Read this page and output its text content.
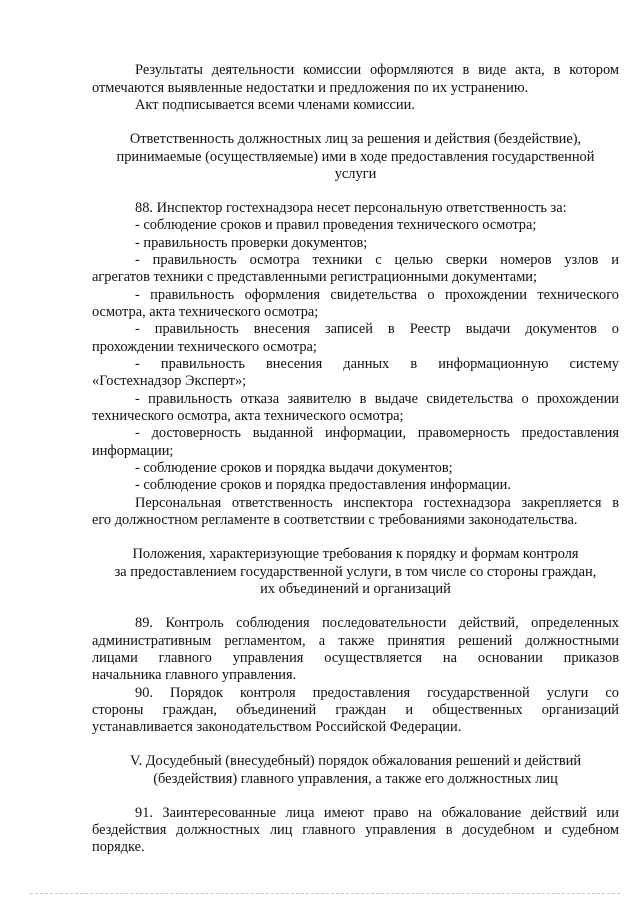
Результаты деятельности комиссии оформляются в виде акта, в котором
отмечаются выявленные недостатки и предложения по их устранению.
Акт подписывается всеми членами комиссии.
Ответственность должностных лиц за решения и действия (бездействие),
принимаемые (осуществляемые) ими в ходе предоставления государственной
услуги
88. Инспектор гостехнадзора несет персональную ответственность за:
- соблюдение сроков и правил проведения технического осмотра;
- правильность проверки документов;
- правильность осмотра техники с целью сверки номеров узлов и
агрегатов техники с представленными регистрационными документами;
- правильность оформления свидетельства о прохождении технического
осмотра, акта технического осмотра;
- правильность внесения записей в Реестр выдачи документов о
прохождении технического осмотра;
- правильность внесения данных в информационную систему
«Гостехнадзор Эксперт»;
- правильность отказа заявителю в выдаче свидетельства о прохождении
технического осмотра, акта технического осмотра;
- достоверность выданной информации, правомерность предоставления
информации;
- соблюдение сроков и порядка выдачи документов;
- соблюдение сроков и порядка предоставления информации.
Персональная ответственность инспектора гостехнадзора закрепляется в
его должностном регламенте в соответствии с требованиями законодательства.
Положения, характеризующие требования к порядку и формам контроля
за предоставлением государственной услуги, в том числе со стороны граждан,
их объединений и организаций
89. Контроль соблюдения последовательности действий, определенных
административным регламентом, а также принятия решений должностными
лицами главного управления осуществляется на основании приказов
начальника главного управления.
90. Порядок контроля предоставления государственной услуги со
стороны граждан, объединений граждан и общественных организаций
устанавливается законодательством Российской Федерации.
V. Досудебный (внесудебный) порядок обжалования решений и действий
(бездействия) главного управления, а также его должностных лиц
91. Заинтересованные лица имеют право на обжалование действий или
бездействия должностных лиц главного управления в досудебном и судебном
порядке.
